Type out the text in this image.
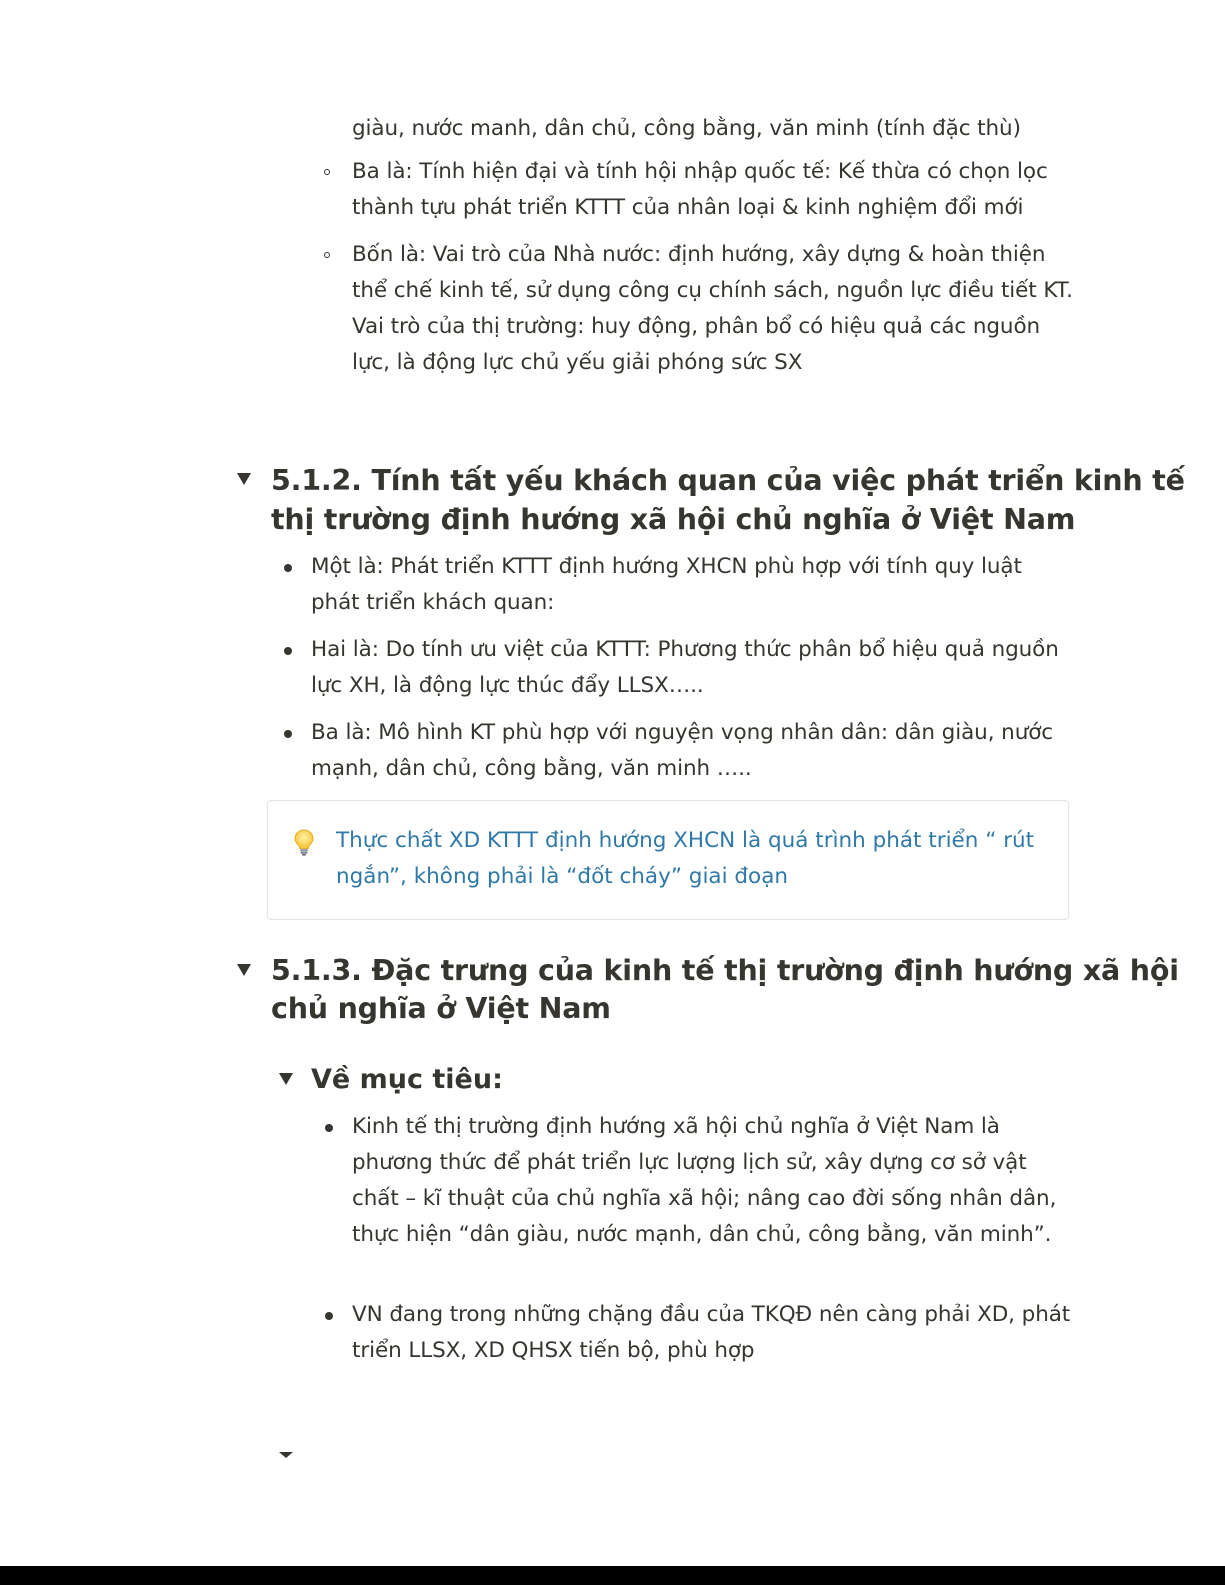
giàu, nước manh, dân chủ, công bằng, văn minh (tính đặc thù)
Ba là: Tính hiện đại và tính hội nhập quốc tế: Kế thừa có chọn lọc
thành tựu phát triển KTTT của nhân loại & kinh nghiệm đổi mới
Bốn là: Vai trò của Nhà nước: định hướng, xây dựng & hoàn thiện
thể chế kinh tế, sử dụng công cụ chính sách, nguồn lực điều tiết KT.
Vai trò của thị trường: huy động, phân bổ có hiệu quả các nguồn
lực, là động lực chủ yếu giải phóng sức SX
5.1.2. Tính tất yếu khách quan của việc phát triển kinh tế
thị trường định hướng xã hội chủ nghĩa ở Việt Nam
Một là: Phát triển KTTT định hướng XHCN phù hợp với tính quy luật
phát triển khách quan:
Hai là: Do tính ưu việt của KTTT: Phương thức phân bổ hiệu quả nguồn
lực XH, là động lực thúc đẩy LLSX…..
Ba là: Mô hình KT phù hợp với nguyện vọng nhân dân: dân giàu, nước
mạnh, dân chủ, công bằng, văn minh …..
Thực chất XD KTTT định hướng XHCN là quá trình phát triển “ rút
ngắn”, không phải là “đốt cháy” giai đoạn
5.1.3. Đặc trưng của kinh tế thị trường định hướng xã hội
chủ nghĩa ở Việt Nam
Về mục tiêu:
Kinh tế thị trường định hướng xã hội chủ nghĩa ở Việt Nam là
phương thức để phát triển lực lượng lịch sử, xây dựng cơ sở vật
chất – kĩ thuật của chủ nghĩa xã hội; nâng cao đời sống nhân dân,
thực hiện “dân giàu, nước mạnh, dân chủ, công bằng, văn minh”.
VN đang trong những chặng đầu của TKQĐ nên càng phải XD, phát
triển LLSX, XD QHSX tiến bộ, phù hợp
